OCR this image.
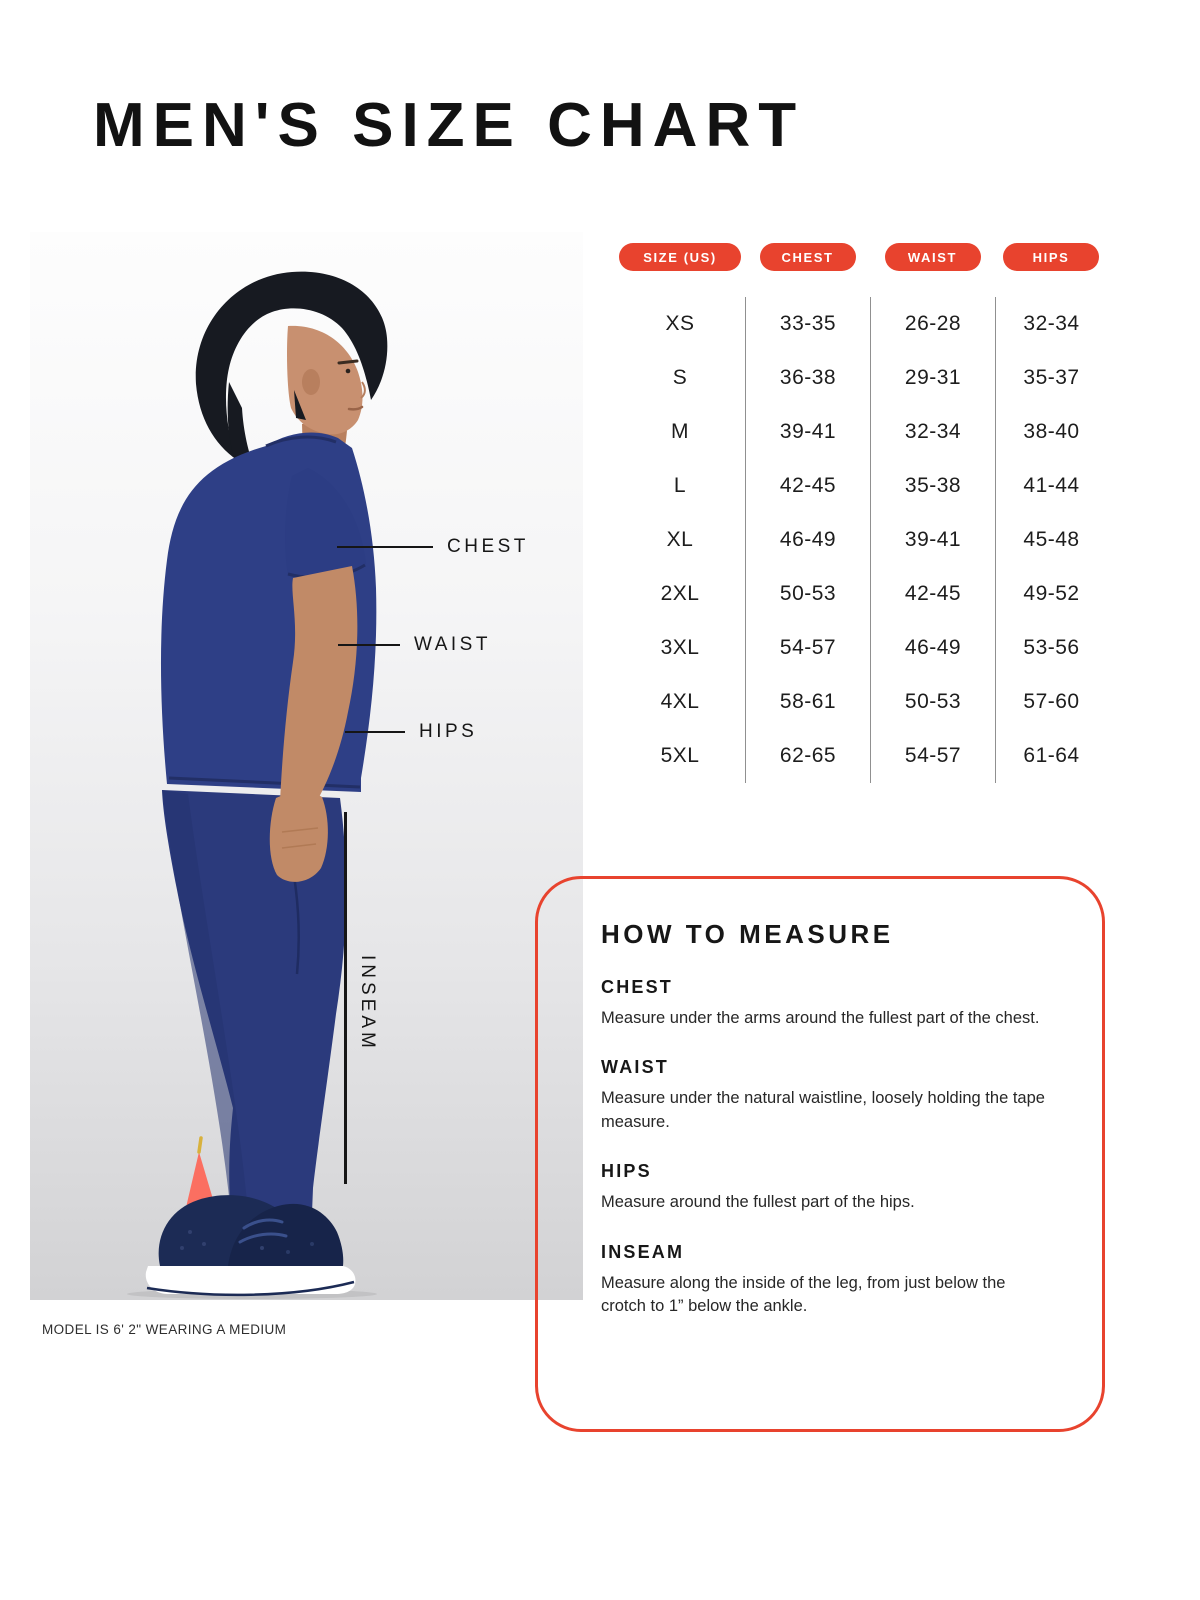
MEN'S SIZE CHART
CHEST
WAIST
HIPS
INSEAM
MODEL IS 6' 2" WEARING A MEDIUM
SIZE (US)	CHEST	WAIST	HIPS
XS	33-35	26-28	32-34
S	36-38	29-31	35-37
M	39-41	32-34	38-40
L	42-45	35-38	41-44
XL	46-49	39-41	45-48
2XL	50-53	42-45	49-52
3XL	54-57	46-49	53-56
4XL	58-61	50-53	57-60
5XL	62-65	54-57	61-64
HOW TO MEASURE
CHEST
Measure under the arms around the fullest part of the chest.
WAIST
Measure under the natural waistline, loosely holding the tape measure.
HIPS
Measure around the fullest part of the hips.
INSEAM
Measure along the inside of the leg, from just below the crotch to 1” below the ankle.
